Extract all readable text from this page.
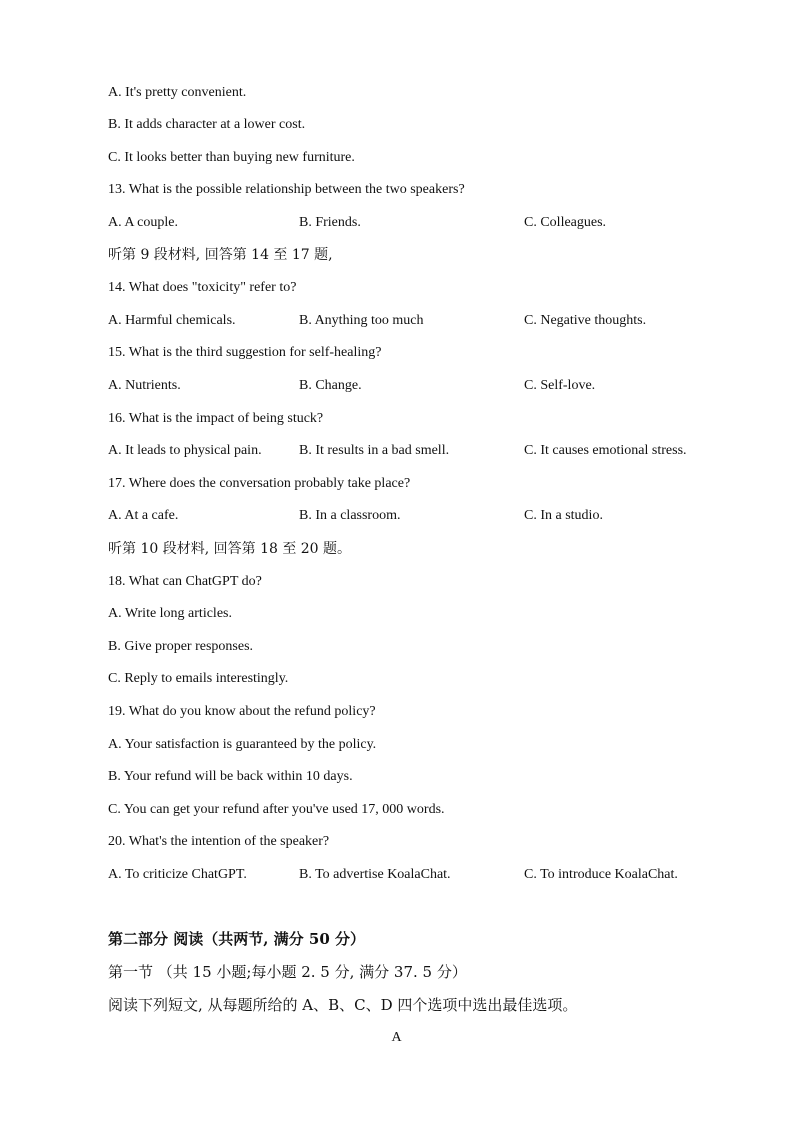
A. It's pretty convenient.
B. It adds character at a lower cost.
C. It looks better than buying new furniture.
13. What is the possible relationship between the two speakers?
A. A couple.	B. Friends.	C. Colleagues.
听第 9 段材料, 回答第 14 至 17 题,
14. What does "toxicity" refer to?
A. Harmful chemicals.	B. Anything too much	C. Negative thoughts.
15. What is the third suggestion for self-healing?
A. Nutrients.	B. Change.	C. Self-love.
16. What is the impact of being stuck?
A. It leads to physical pain.	B. It results in a bad smell.	C. It causes emotional stress.
17. Where does the conversation probably take place?
A. At a cafe.	B. In a classroom.	C. In a studio.
听第 10 段材料, 回答第 18 至 20 题。
18. What can ChatGPT do?
A. Write long articles.
B. Give proper responses.
C. Reply to emails interestingly.
19. What do you know about the refund policy?
A. Your satisfaction is guaranteed by the policy.
B. Your refund will be back within 10 days.
C. You can get your refund after you've used 17, 000 words.
20. What's the intention of the speaker?
A. To criticize ChatGPT.	B. To advertise KoalaChat.	C. To introduce KoalaChat.
第二部分 阅读（共两节, 满分 50 分）
第一节 （共 15 小题;每小题 2. 5 分, 满分 37. 5 分）
阅读下列短文, 从每题所给的 A、B、C、D 四个选项中选出最佳选项。
A
